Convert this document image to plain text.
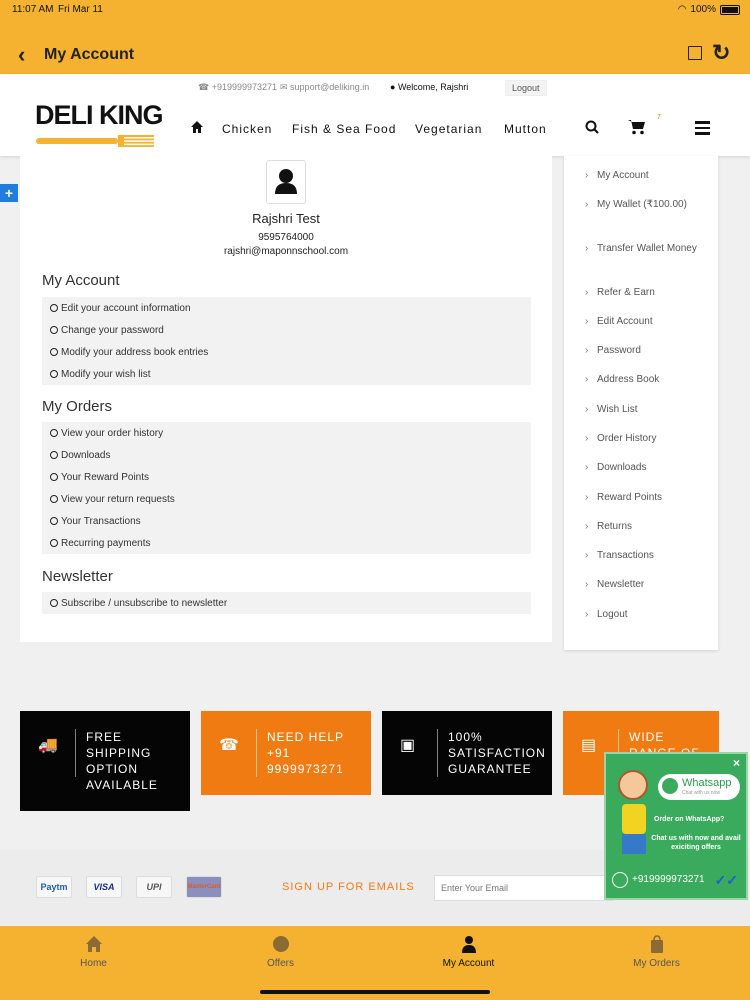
11:07 AM Fri Mar 11	◠ 100%
‹ My Account	↻
☎ +919999973271 ✉ support@deliking.in ● Welcome, Rajshri	Logout
DELI KING	Chicken Fish & Sea Food Vegetarian Mutton
7
+
Rajshri Test
9595764000
rajshri@maponnschool.com
My Account
Edit your account information
Change your password
Modify your address book entries
Modify your wish list
My Orders
View your order history
Downloads
Your Reward Points
View your return requests
Your Transactions
Recurring payments
Newsletter
Subscribe / unsubscribe to newsletter
› My Account
› My Wallet (₹100.00)
› Transfer Wallet Money
› Refer & Earn
› Edit Account
› Password
› Address Book
› Wish List
› Order History
› Downloads
› Reward Points
› Returns
› Transactions
› Newsletter
› Logout
🚚 FREE
SHIPPING
OPTION
AVAILABLE
☎ NEED HELP
+91
9999973271
▣	100%
SATISFACTION
GUARANTEE
▤	WIDE
Paytm	VISA	UPI	MasterCard	SIGN UP FOR EMAILS
Enter Your Email
×
Whatsapp
Chat with us now
Order on WhatsApp?
Chat us with now and avail exiciting offers
+919999973271 ✓✓
Home	Offers	My Account	My Orders
